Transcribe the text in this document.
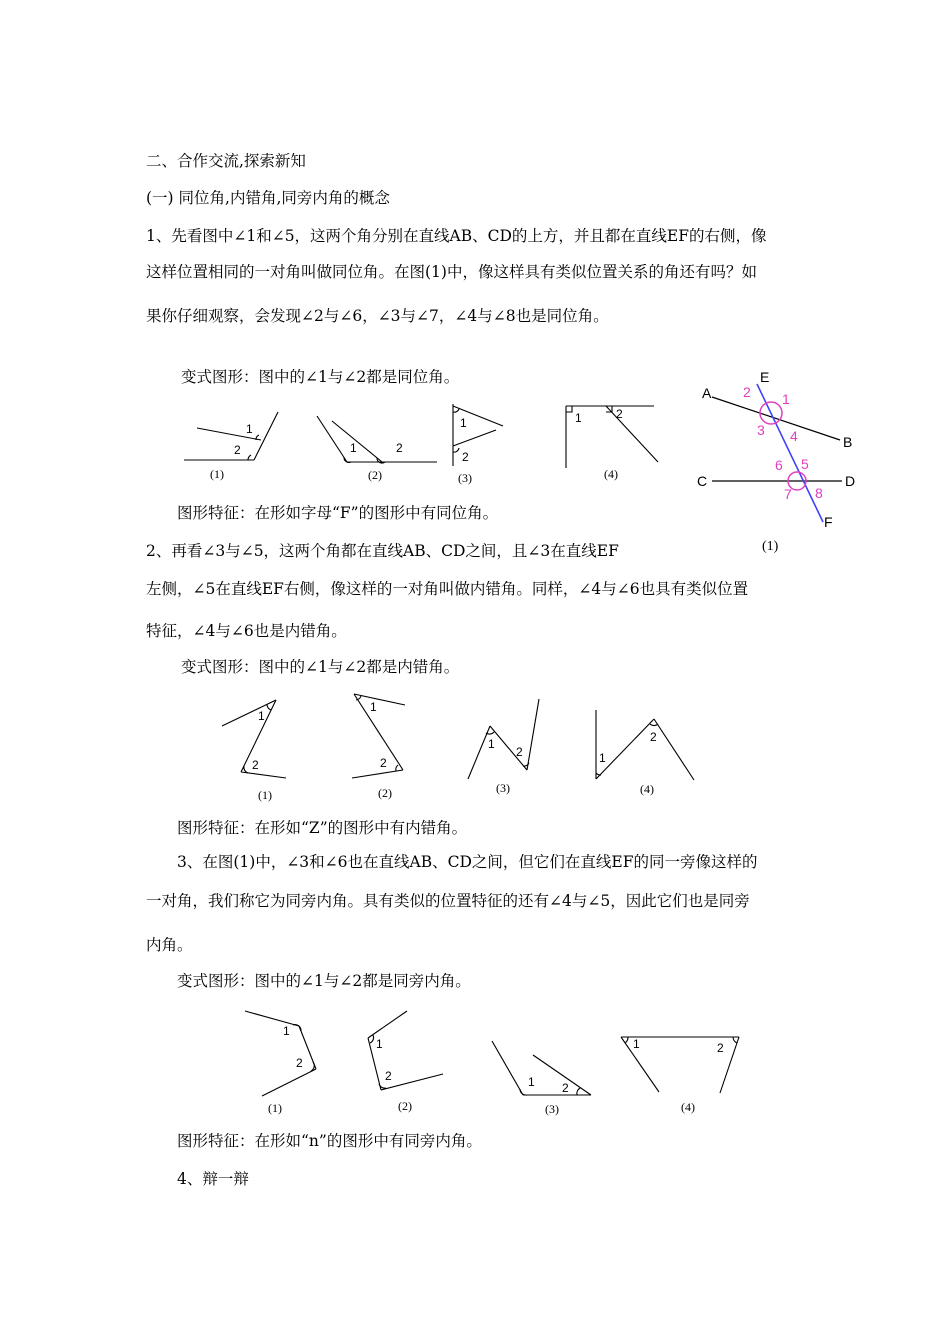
二、合作交流,探索新知
(一) 同位角,内错角,同旁内角的概念
1、先看图中∠1和∠5，这两个角分别在直线AB、CD的上方，并且都在直线EF的右侧，像
这样位置相同的一对角叫做同位角。在图(1)中，像这样具有类似位置关系的角还有吗？如
果你仔细观察，会发现∠2与∠6，∠3与∠7，∠4与∠8也是同位角。
变式图形：图中的∠1与∠2都是同位角。
图形特征：在形如字母“F”的图形中有同位角。
2、再看∠3与∠5，这两个角都在直线AB、CD之间，且∠3在直线EF
左侧，∠5在直线EF右侧，像这样的一对角叫做内错角。同样，∠4与∠6也具有类似位置
特征，∠4与∠6也是内错角。
变式图形：图中的∠1与∠2都是内错角。
图形特征：在形如“Z”的图形中有内错角。
3、在图(1)中，∠3和∠6也在直线AB、CD之间，但它们在直线EF的同一旁像这样的
一对角，我们称它为同旁内角。具有类似的位置特征的还有∠4与∠5，因此它们也是同旁
内角。
变式图形：图中的∠1与∠2都是同旁内角。
图形特征：在形如“n”的图形中有同旁内角。
4、辩一辩
A
E
B
C	D
F
1
2
3 4
5
6
7 8
(1)
1
2
(1)
1	2
(2)
1
2
(3)
1	2
(4)
1
2
(1)
1
2
(2)
1
2
(3)
1
2
(4)
1
2
(1)
1
2
(2)
1 2
(3)
1	2
(4)
